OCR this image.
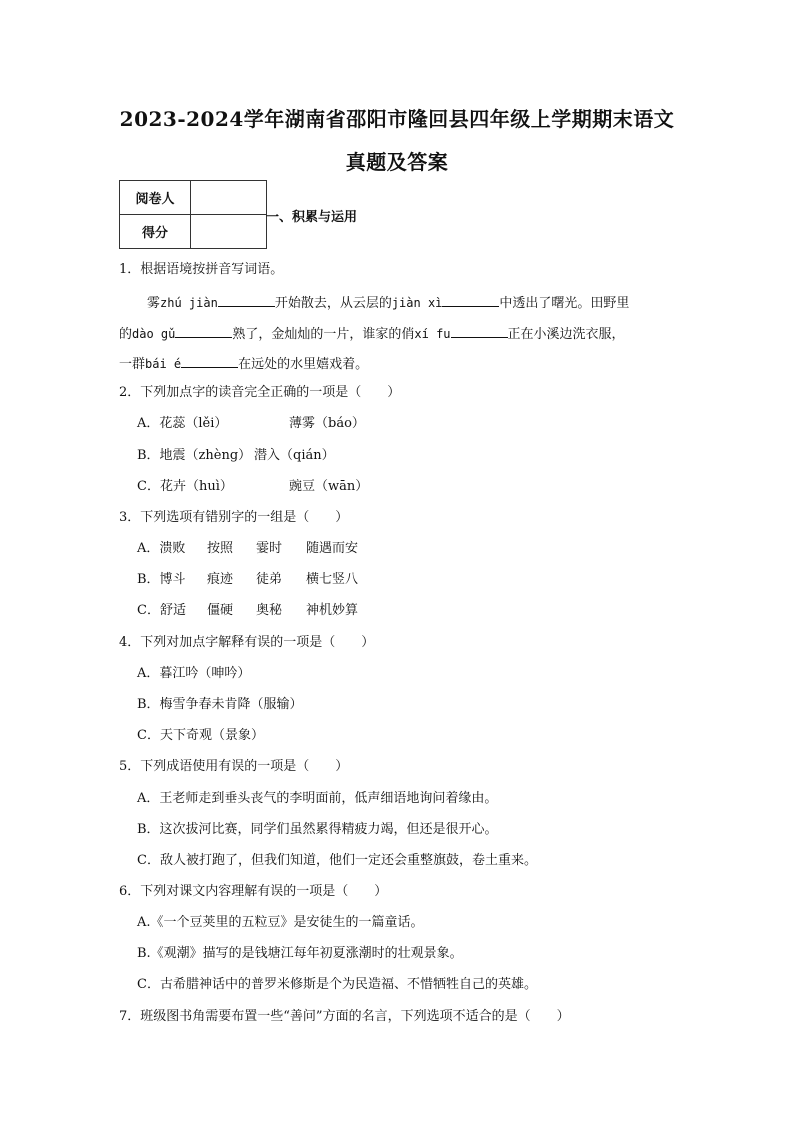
2023-2024学年湖南省邵阳市隆回县四年级上学期期末语文
真题及答案
阅卷人	
得分	
一、积累与运用
1．根据语境按拼音写词语。
雾zhú jiàn	开始散去，从云层的jiàn xì	中透出了曙光。田野里
的dào gǔ	熟了，金灿灿的一片，谁家的俏xí fu	正在小溪边洗衣服，
一群bái é	在远处的水里嬉戏着。
2．下列加点字的读音完全正确的一项是（　　）
A．花蕊（lěi）	薄雾（báo）
B．地震（zhèng） 潜入（qián）
C．花卉（huì）	豌豆（wān）
3．下列选项有错别字的一组是（　　）
A．溃败 按照 霎时 随遇而安
B．博斗 痕迹 徒弟 横七竖八
C．舒适 僵硬 奥秘 神机妙算
4．下列对加点字解释有误的一项是（　　）
A．暮江吟（呻吟）
B．梅雪争春未肯降（服输）
C．天下奇观（景象）
5．下列成语使用有误的一项是（　　）
A．王老师走到垂头丧气的李明面前，低声细语地询问着缘由。
B．这次拔河比赛，同学们虽然累得精疲力竭，但还是很开心。
C．敌人被打跑了，但我们知道，他们一定还会重整旗鼓，卷土重来。
6．下列对课文内容理解有误的一项是（　　）
A.《一个豆荚里的五粒豆》是安徒生的一篇童话。
B.《观潮》描写的是钱塘江每年初夏涨潮时的壮观景象。
C．古希腊神话中的普罗米修斯是个为民造福、不惜牺牲自己的英雄。
7．班级图书角需要布置一些“善问”方面的名言，下列选项不适合的是（　　）
